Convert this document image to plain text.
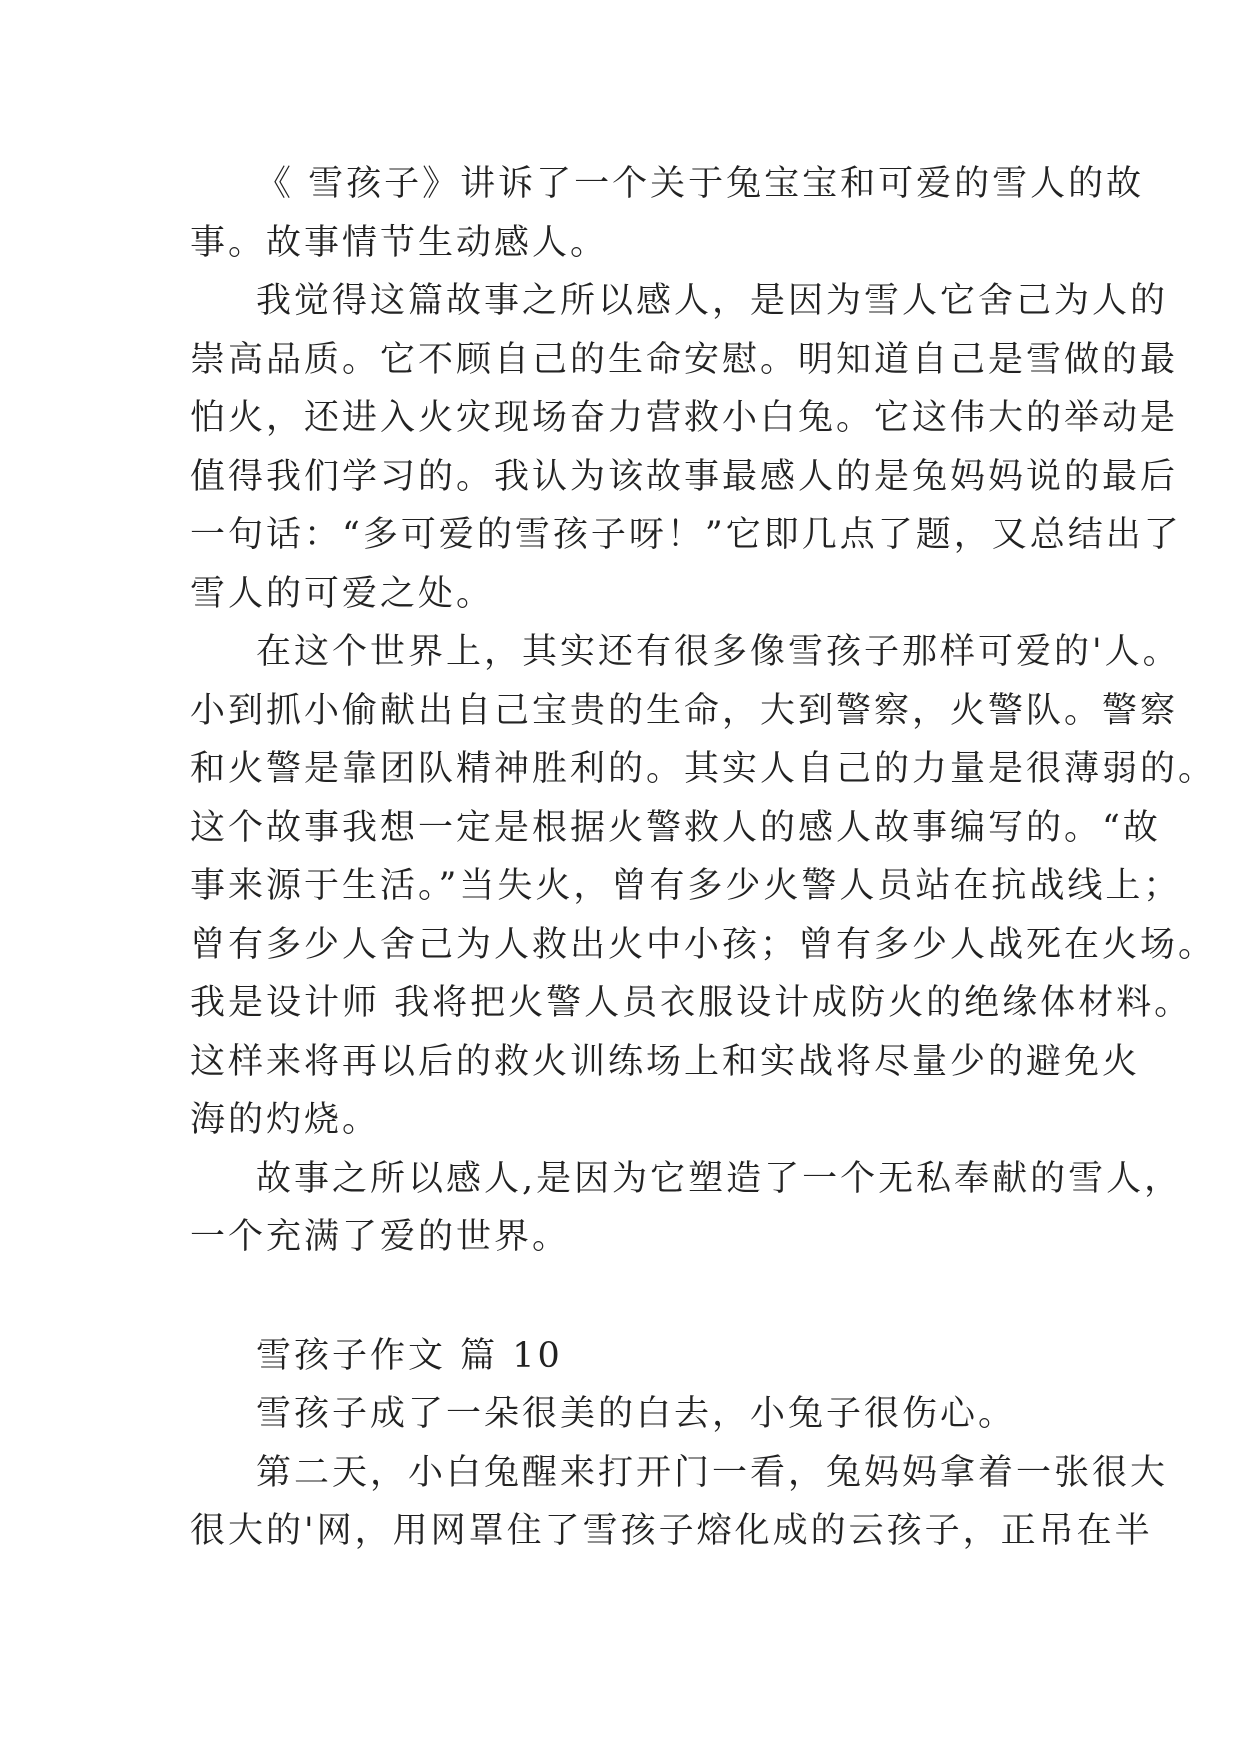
《 雪孩子》讲诉了一个关于兔宝宝和可爱的雪人的故
事。故事情节生动感人。
我觉得这篇故事之所以感人，是因为雪人它舍己为人的
崇高品质。它不顾自己的生命安慰。明知道自己是雪做的最
怕火，还进入火灾现场奋力营救小白兔。它这伟大的举动是
值得我们学习的。我认为该故事最感人的是兔妈妈说的最后
一句话：“多可爱的雪孩子呀！”它即几点了题，又总结出了
雪人的可爱之处。
在这个世界上，其实还有很多像雪孩子那样可爱的'人。
小到抓小偷献出自己宝贵的生命，大到警察，火警队。警察
和火警是靠团队精神胜利的。其实人自己的力量是很薄弱的。
这个故事我想一定是根据火警救人的感人故事编写的。“故
事来源于生活。”当失火，曾有多少火警人员站在抗战线上；
曾有多少人舍己为人救出火中小孩；曾有多少人战死在火场。
我是设计师 我将把火警人员衣服设计成防火的绝缘体材料。
这样来将再以后的救火训练场上和实战将尽量少的避免火
海的灼烧。
故事之所以感人,是因为它塑造了一个无私奉献的雪人，
一个充满了爱的世界。
雪孩子作文 篇 10
雪孩子成了一朵很美的白去，小兔子很伤心。
第二天，小白兔醒来打开门一看，兔妈妈拿着一张很大
很大的'网，用网罩住了雪孩子熔化成的云孩子，正吊在半
